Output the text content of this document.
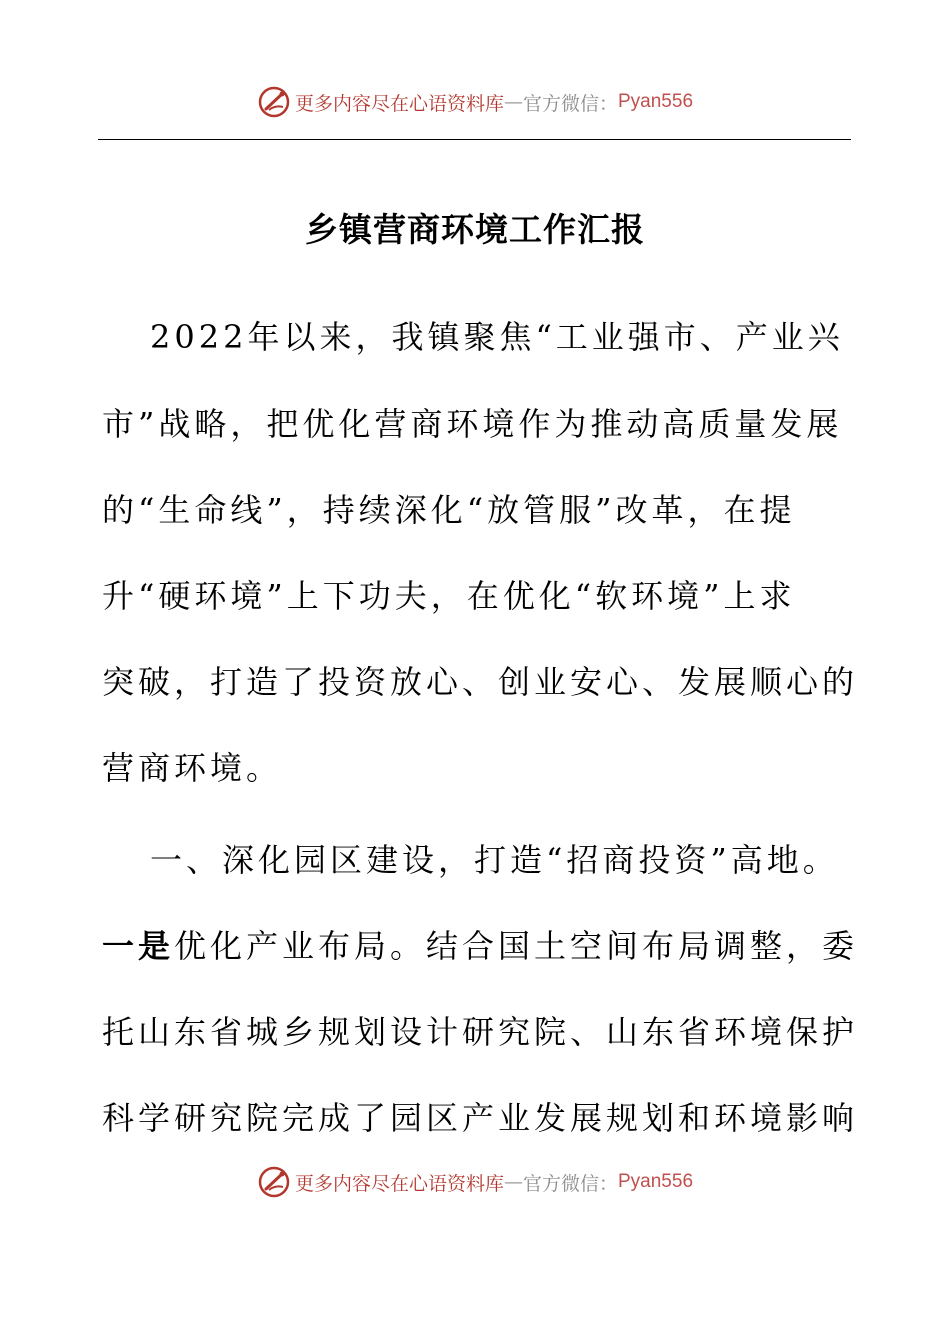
更多内容尽在心语资料库 — 官方微信： Pyan556
乡镇营商环境工作汇报
2022年以来，我镇聚焦“工业强市、产业兴
市”战略，把优化营商环境作为推动高质量发展
的“生命线”，持续深化“放管服”改革，在提
升“硬环境”上下功夫，在优化“软环境”上求
突破，打造了投资放心、创业安心、发展顺心的
营商环境。
一、深化园区建设，打造“招商投资”高地。
一是优化产业布局。结合国土空间布局调整，委
托山东省城乡规划设计研究院、山东省环境保护
科学研究院完成了园区产业发展规划和环境影响
更多内容尽在心语资料库 — 官方微信： Pyan556
